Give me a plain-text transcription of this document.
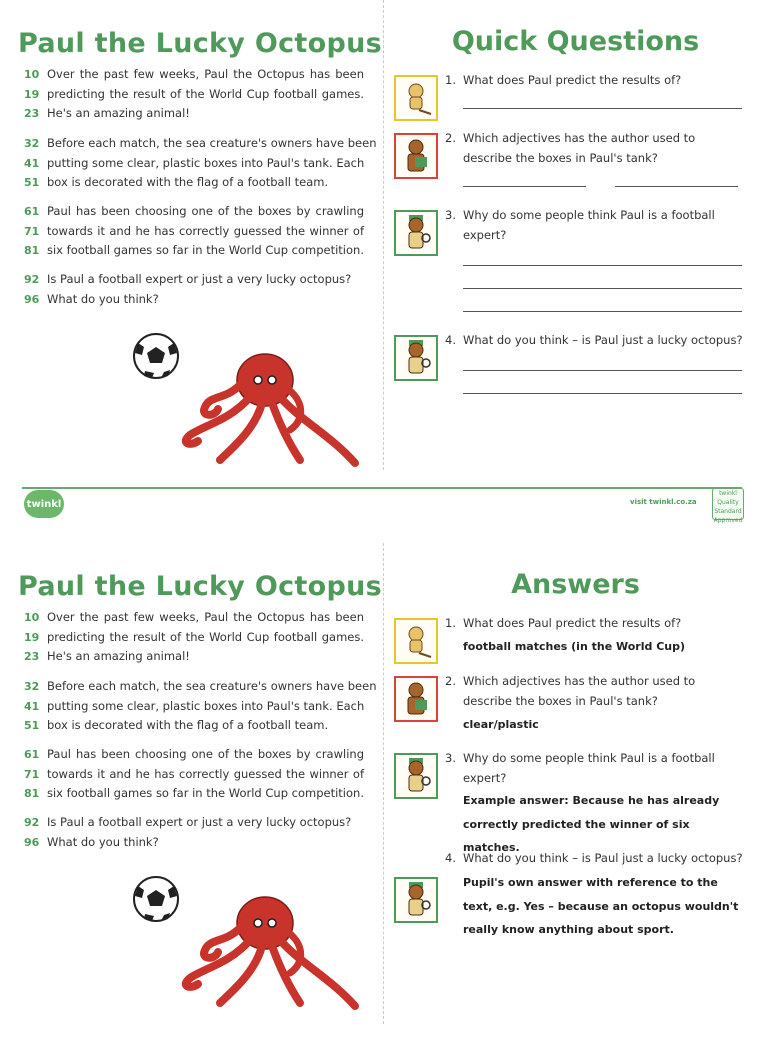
Paul the Lucky Octopus
10 Over the past few weeks, Paul the Octopus has been
19 predicting the result of the World Cup football games.
23 He's an amazing animal!
32 Before each match, the sea creature's owners have been
41 putting some clear, plastic boxes into Paul's tank. Each
51 box is decorated with the flag of a football team.
61 Paul has been choosing one of the boxes by crawling
71 towards it and he has correctly guessed the winner of
81 six football games so far in the World Cup competition.
92 Is Paul a football expert or just a very lucky octopus?
96 What do you think?
Quick Questions
1. What does Paul predict the results of?
2. Which adjectives has the author used to describe the boxes in Paul's tank?
3. Why do some people think Paul is a football expert?
4. What do you think – is Paul just a lucky octopus?
twinkl	visit twinkl.co.za
twinkl Quality Standard Approved
Paul the Lucky Octopus
10 Over the past few weeks, Paul the Octopus has been
19 predicting the result of the World Cup football games.
23 He's an amazing animal!
32 Before each match, the sea creature's owners have been
41 putting some clear, plastic boxes into Paul's tank. Each
51 box is decorated with the flag of a football team.
61 Paul has been choosing one of the boxes by crawling
71 towards it and he has correctly guessed the winner of
81 six football games so far in the World Cup competition.
92 Is Paul a football expert or just a very lucky octopus?
96 What do you think?
Answers
1. What does Paul predict the results of?
football matches (in the World Cup)
2. Which adjectives has the author used to describe the boxes in Paul's tank?
clear/plastic
3. Why do some people think Paul is a football expert?
Example answer: Because he has already correctly predicted the winner of six matches.
4. What do you think – is Paul just a lucky octopus?
Pupil's own answer with reference to the text, e.g. Yes – because an octopus wouldn't really know anything about sport.
